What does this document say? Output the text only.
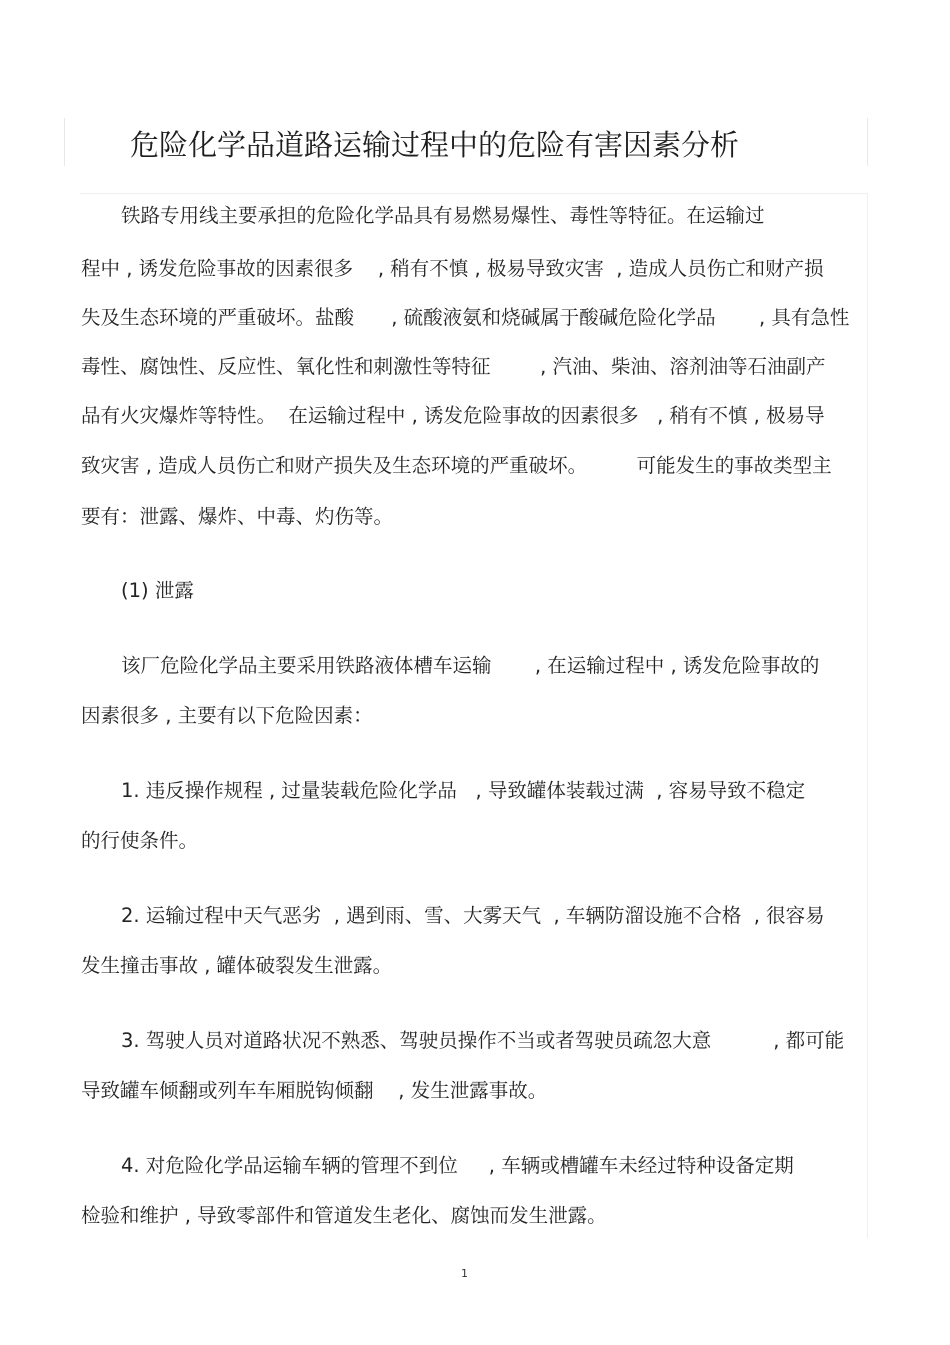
危险化学品道路运输过程中的危险有害因素分析

铁路专用线主要承担的危险化学品具有易燃易爆性、毒性等特征。在运输过

程中 , 诱发危险事故的因素很多    , 稍有不慎 , 极易导致灾害  , 造成人员伤亡和财产损

失及生态环境的严重破坏。盐酸      , 硫酸液氨和烧碱属于酸碱危险化学品       , 具有急性

毒性、腐蚀性、反应性、氧化性和刺激性等特征        , 汽油、柴油、溶剂油等石油副产

品有火灾爆炸等特性。  在运输过程中 , 诱发危险事故的因素很多   , 稍有不慎 , 极易导

致灾害 , 造成人员伤亡和财产损失及生态环境的严重破坏。        可能发生的事故类型主

要有：泄露、爆炸、中毒、灼伤等。

(1) 泄露

该厂危险化学品主要采用铁路液体槽车运输       , 在运输过程中 , 诱发危险事故的

因素很多 , 主要有以下危险因素：

1. 违反操作规程 , 过量装载危险化学品   , 导致罐体装载过满  , 容易导致不稳定

的行使条件。

2. 运输过程中天气恶劣  , 遇到雨、雪、大雾天气  , 车辆防溜设施不合格  , 很容易

发生撞击事故 , 罐体破裂发生泄露。

3. 驾驶人员对道路状况不熟悉、驾驶员操作不当或者驾驶员疏忽大意          , 都可能

导致罐车倾翻或列车车厢脱钩倾翻    , 发生泄露事故。

4. 对危险化学品运输车辆的管理不到位     , 车辆或槽罐车未经过特种设备定期

检验和维护 , 导致零部件和管道发生老化、腐蚀而发生泄露。

1
